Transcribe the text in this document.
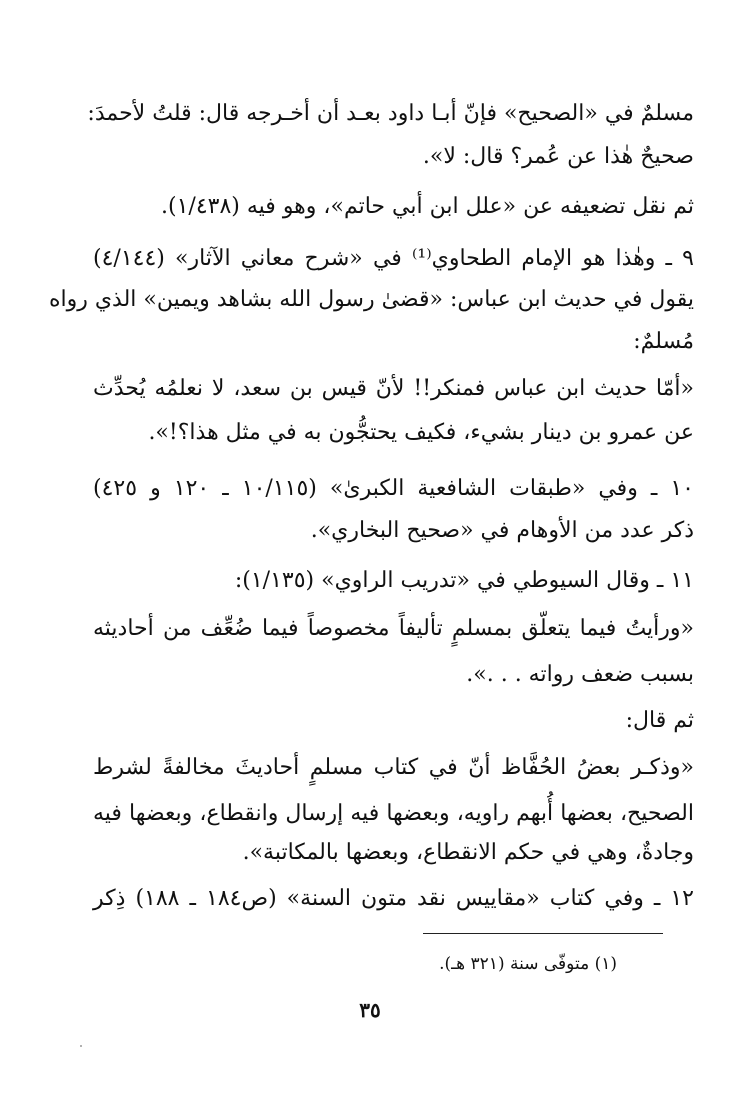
مسلمٌ في «الصحيح» فإنّ أبـا داود بعـد أن أخـرجه قال: قلتُ لأحمدَ:
صحيحٌ هٰذا عن عُمر؟ قال: لا».
ثم نقل تضعيفه عن «علل ابن أبي حاتم»، وهو فيه (١/٤٣٨).
٩ ـ وهٰذا هو الإمام الطحاوي⁽¹⁾ في «شرح معاني الآثار» (٤/١٤٤)
يقول في حديث ابن عباس: «قضىٰ رسول الله بشاهد ويمين» الذي رواه
مُسلمٌ:
«أمّا حديث ابن عباس فمنكر!! لأنّ قيس بن سعد، لا نعلمُه يُحدِّث
عن عمرو بن دينار بشيء، فكيف يحتجُّون به في مثل هذا؟!».
١٠ ـ وفي «طبقات الشافعية الكبرىٰ» (١٠/١١٥ ـ ١٢٠ و ٤٢٥)
ذكر عدد من الأوهام في «صحيح البخاري».
١١ ـ وقال السيوطي في «تدريب الراوي» (١/١٣٥):
«ورأيتُ فيما يتعلّق بمسلمٍ تأليفاً مخصوصاً فيما ضُعِّف من أحاديثه
بسبب ضعف رواته . . .».
ثم قال:
«وذكـر بعضُ الحُفَّاظ أنّ في كتاب مسلمٍ أحاديثَ مخالفةً لشرط
الصحيح، بعضها أُبهم راويه، وبعضها فيه إرسال وانقطاع، وبعضها فيه
وجادةٌ، وهي في حكم الانقطاع، وبعضها بالمكاتبة».
١٢ ـ وفي كتاب «مقاييس نقد متون السنة» (ص١٨٤ ـ ١٨٨) ذِكر
(١) متوفّى سنة (٣٢١ هـ).
٣٥
